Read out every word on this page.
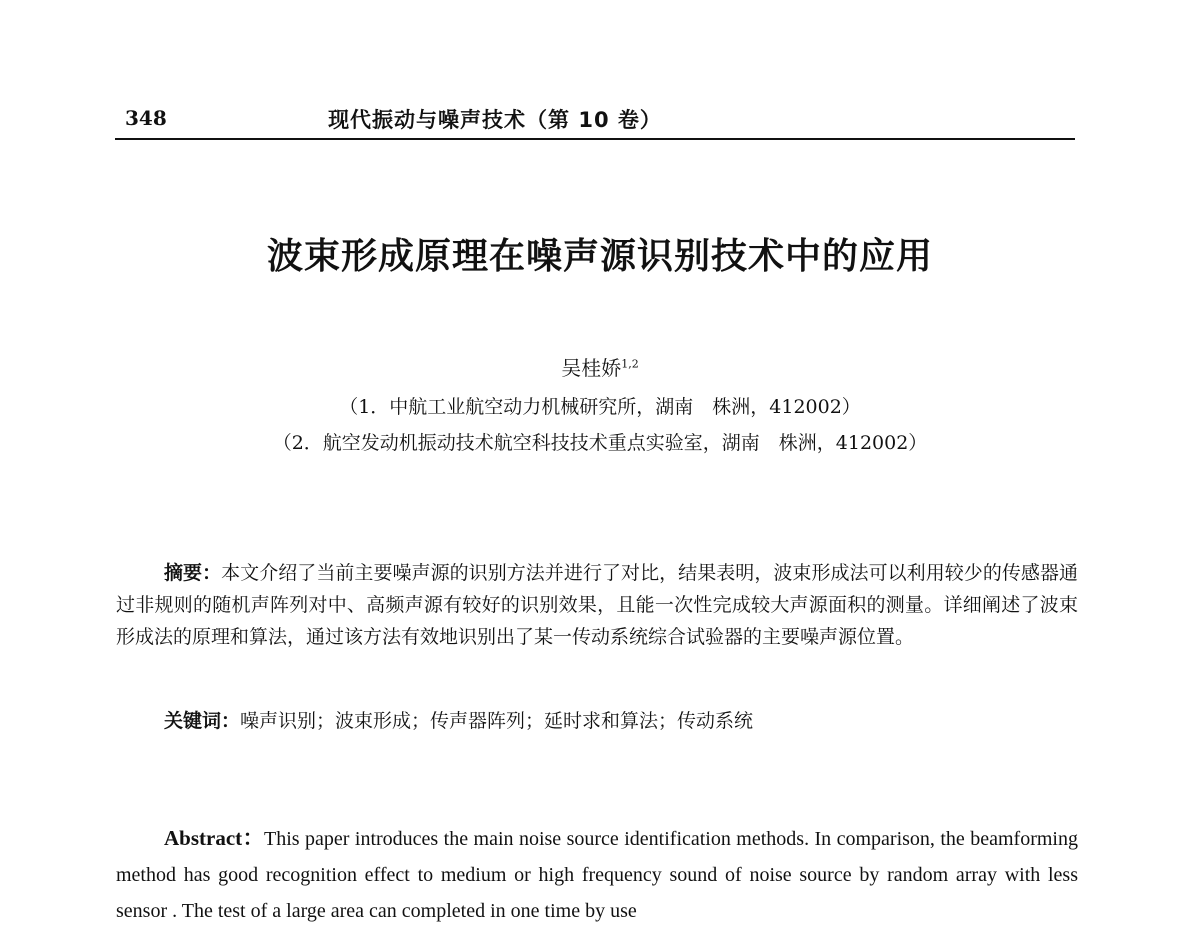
348	现代振动与噪声技术（第 10 卷）
波束形成原理在噪声源识别技术中的应用
吴桂娇$^{1,2}$
（1．中航工业航空动力机械研究所，湖南　株洲，412002）
（2．航空发动机振动技术航空科技技术重点实验室，湖南　株洲，412002）
摘要：本文介绍了当前主要噪声源的识别方法并进行了对比，结果表明，波束形成法可以利用较少的传感器通过非规则的随机声阵列对中、高频声源有较好的识别效果，且能一次性完成较大声源面积的测量。详细阐述了波束形成法的原理和算法，通过该方法有效地识别出了某一传动系统综合试验器的主要噪声源位置。
关键词：噪声识别；波束形成；传声器阵列；延时求和算法；传动系统
Abstract：This paper introduces the main noise source identification methods. In comparison, the beamforming method has good recognition effect to medium or high frequency sound of noise source by random array with less sensor . The test of a large area can completed in one time by use
